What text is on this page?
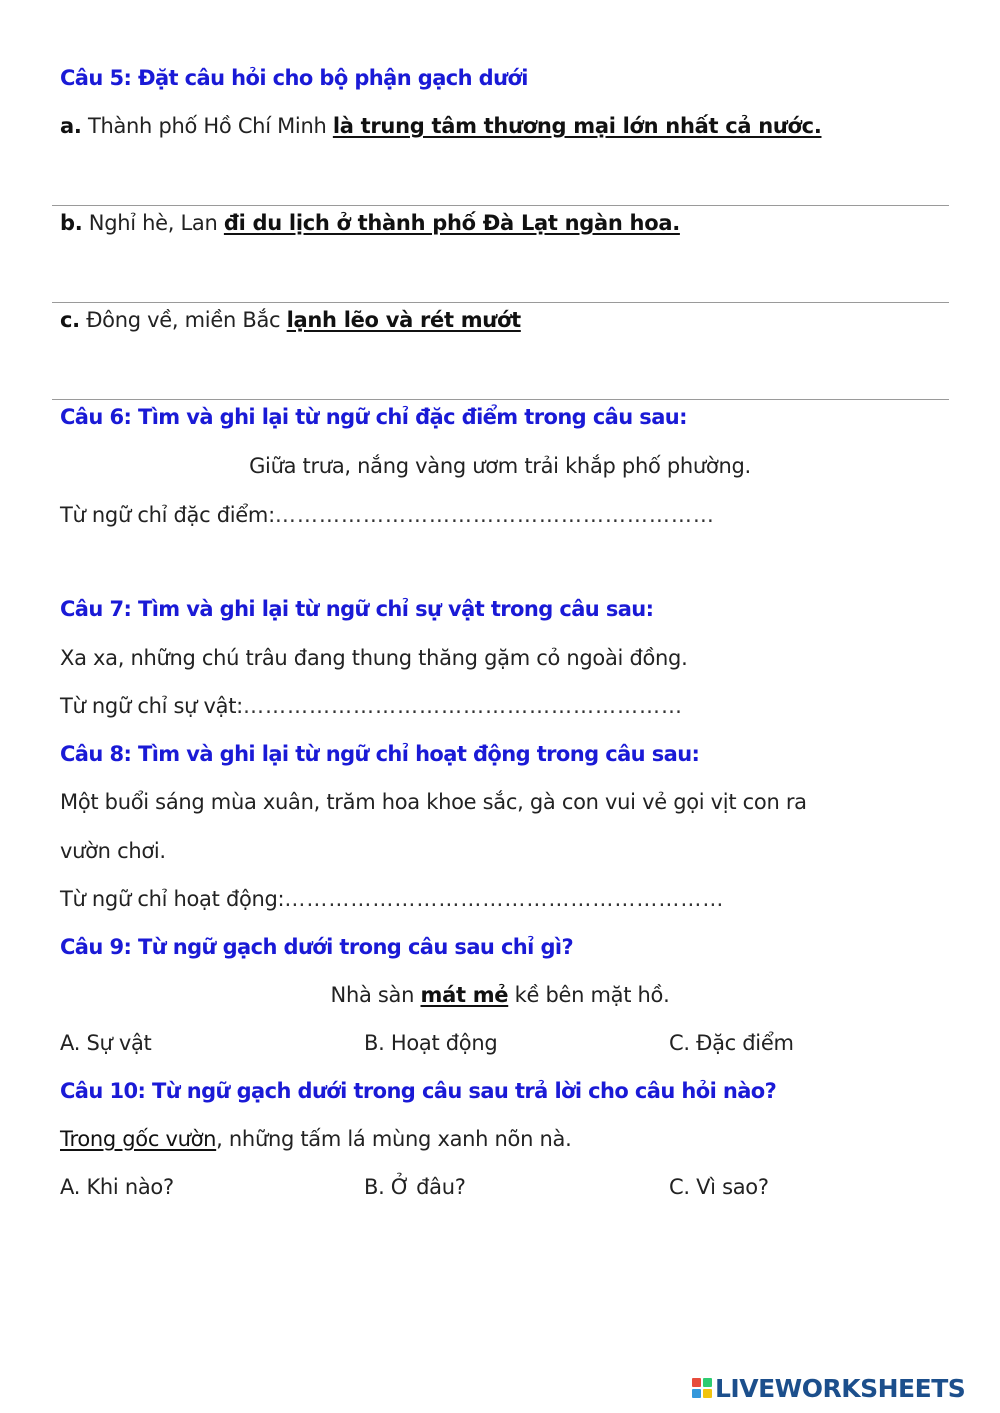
Câu 5: Đặt câu hỏi cho bộ phận gạch dưới
a. Thành phố Hồ Chí Minh là trung tâm thương mại lớn nhất cả nước.
b. Nghỉ hè, Lan đi du lịch ở thành phố Đà Lạt ngàn hoa.
c. Đông về, miền Bắc lạnh lẽo và rét mướt
Câu 6: Tìm và ghi lại từ ngữ chỉ đặc điểm trong câu sau:
Giữa trưa, nắng vàng ươm trải khắp phố phường.
Từ ngữ chỉ đặc điểm:……………………………………………………
Câu 7: Tìm và ghi lại từ ngữ chỉ sự vật trong câu sau:
Xa xa, những chú trâu đang thung thăng gặm cỏ ngoài đồng.
Từ ngữ chỉ sự vật:……………………………………………………
Câu 8: Tìm và ghi lại từ ngữ chỉ hoạt động trong câu sau:
Một buổi sáng mùa xuân, trăm hoa khoe sắc, gà con vui vẻ gọi vịt con ra
vườn chơi.
Từ ngữ chỉ hoạt động:……………………………………………………
Câu 9: Từ ngữ gạch dưới trong câu sau chỉ gì?
Nhà sàn mát mẻ kề bên mặt hồ.
A. Sự vật	B. Hoạt động	C. Đặc điểm
Câu 10: Từ ngữ gạch dưới trong câu sau trả lời cho câu hỏi nào?
Trong gốc vườn, những tấm lá mùng xanh nõn nà.
A. Khi nào?	B. Ở đâu?	C. Vì sao?
LIVEWORKSHEETS
